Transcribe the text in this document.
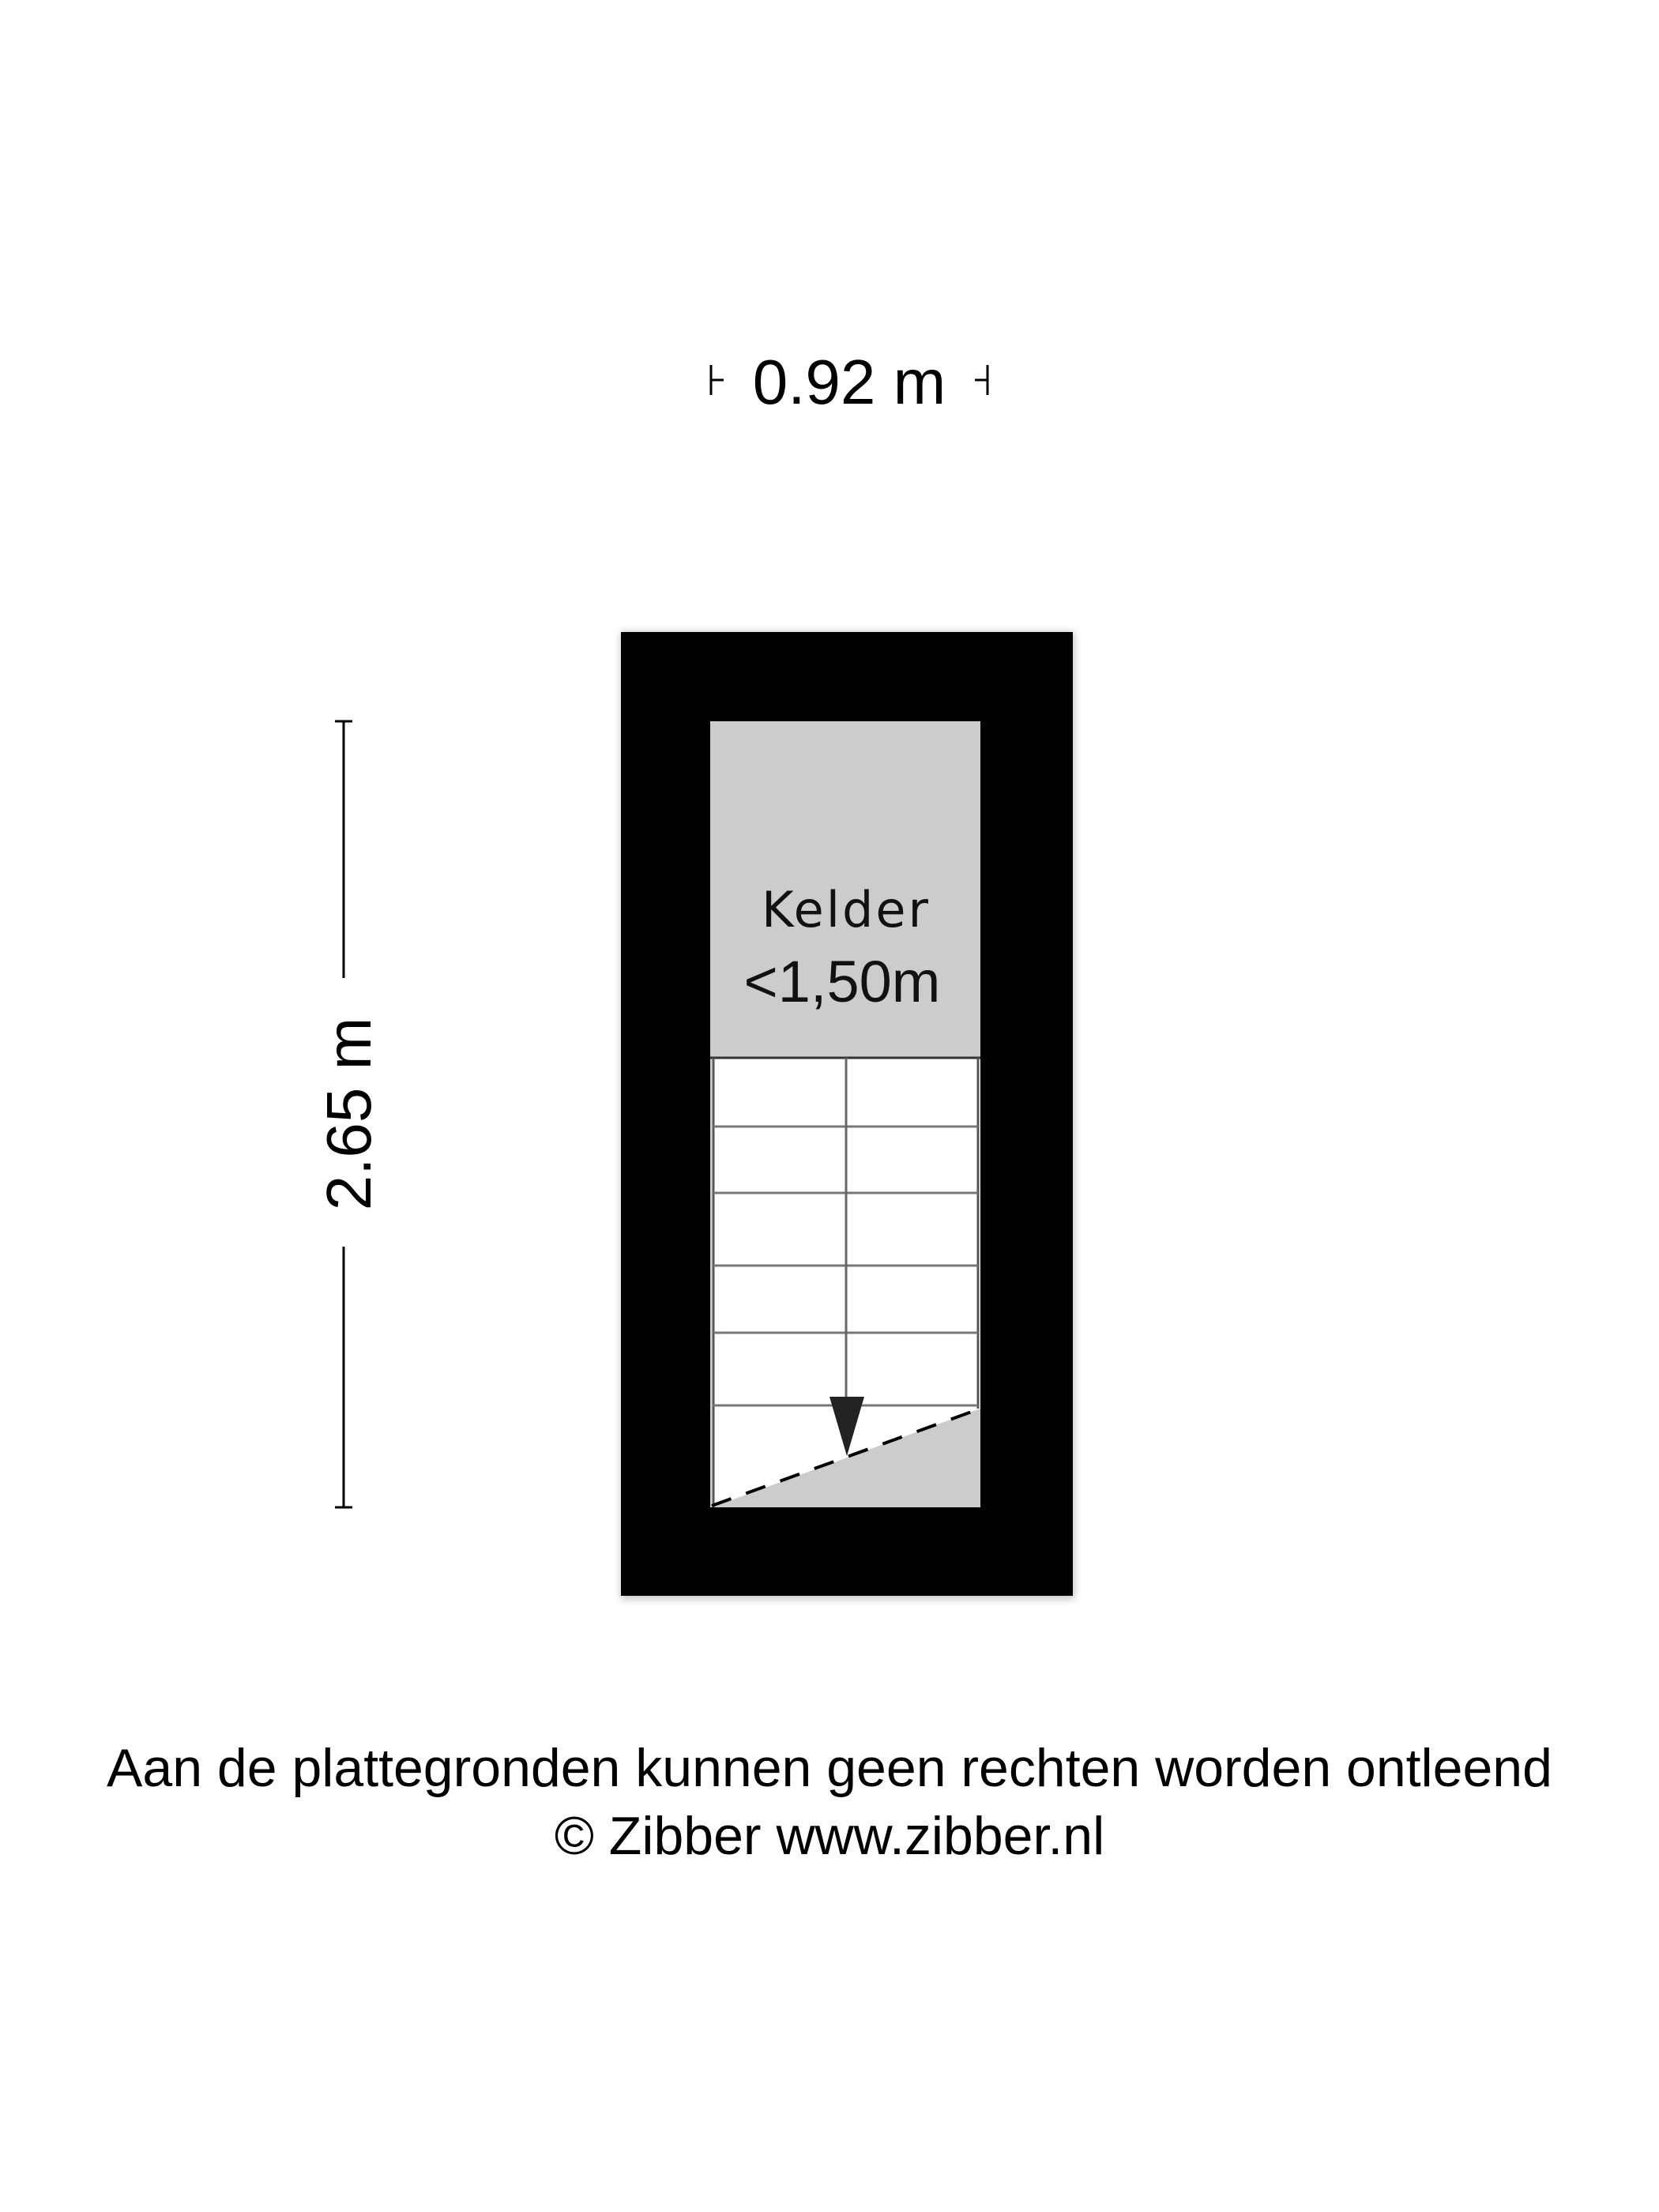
0.92 m
2.65 m
Kelder
<1,50m
Aan de plattegronden kunnen geen rechten worden ontleend
© Zibber www.zibber.nl
